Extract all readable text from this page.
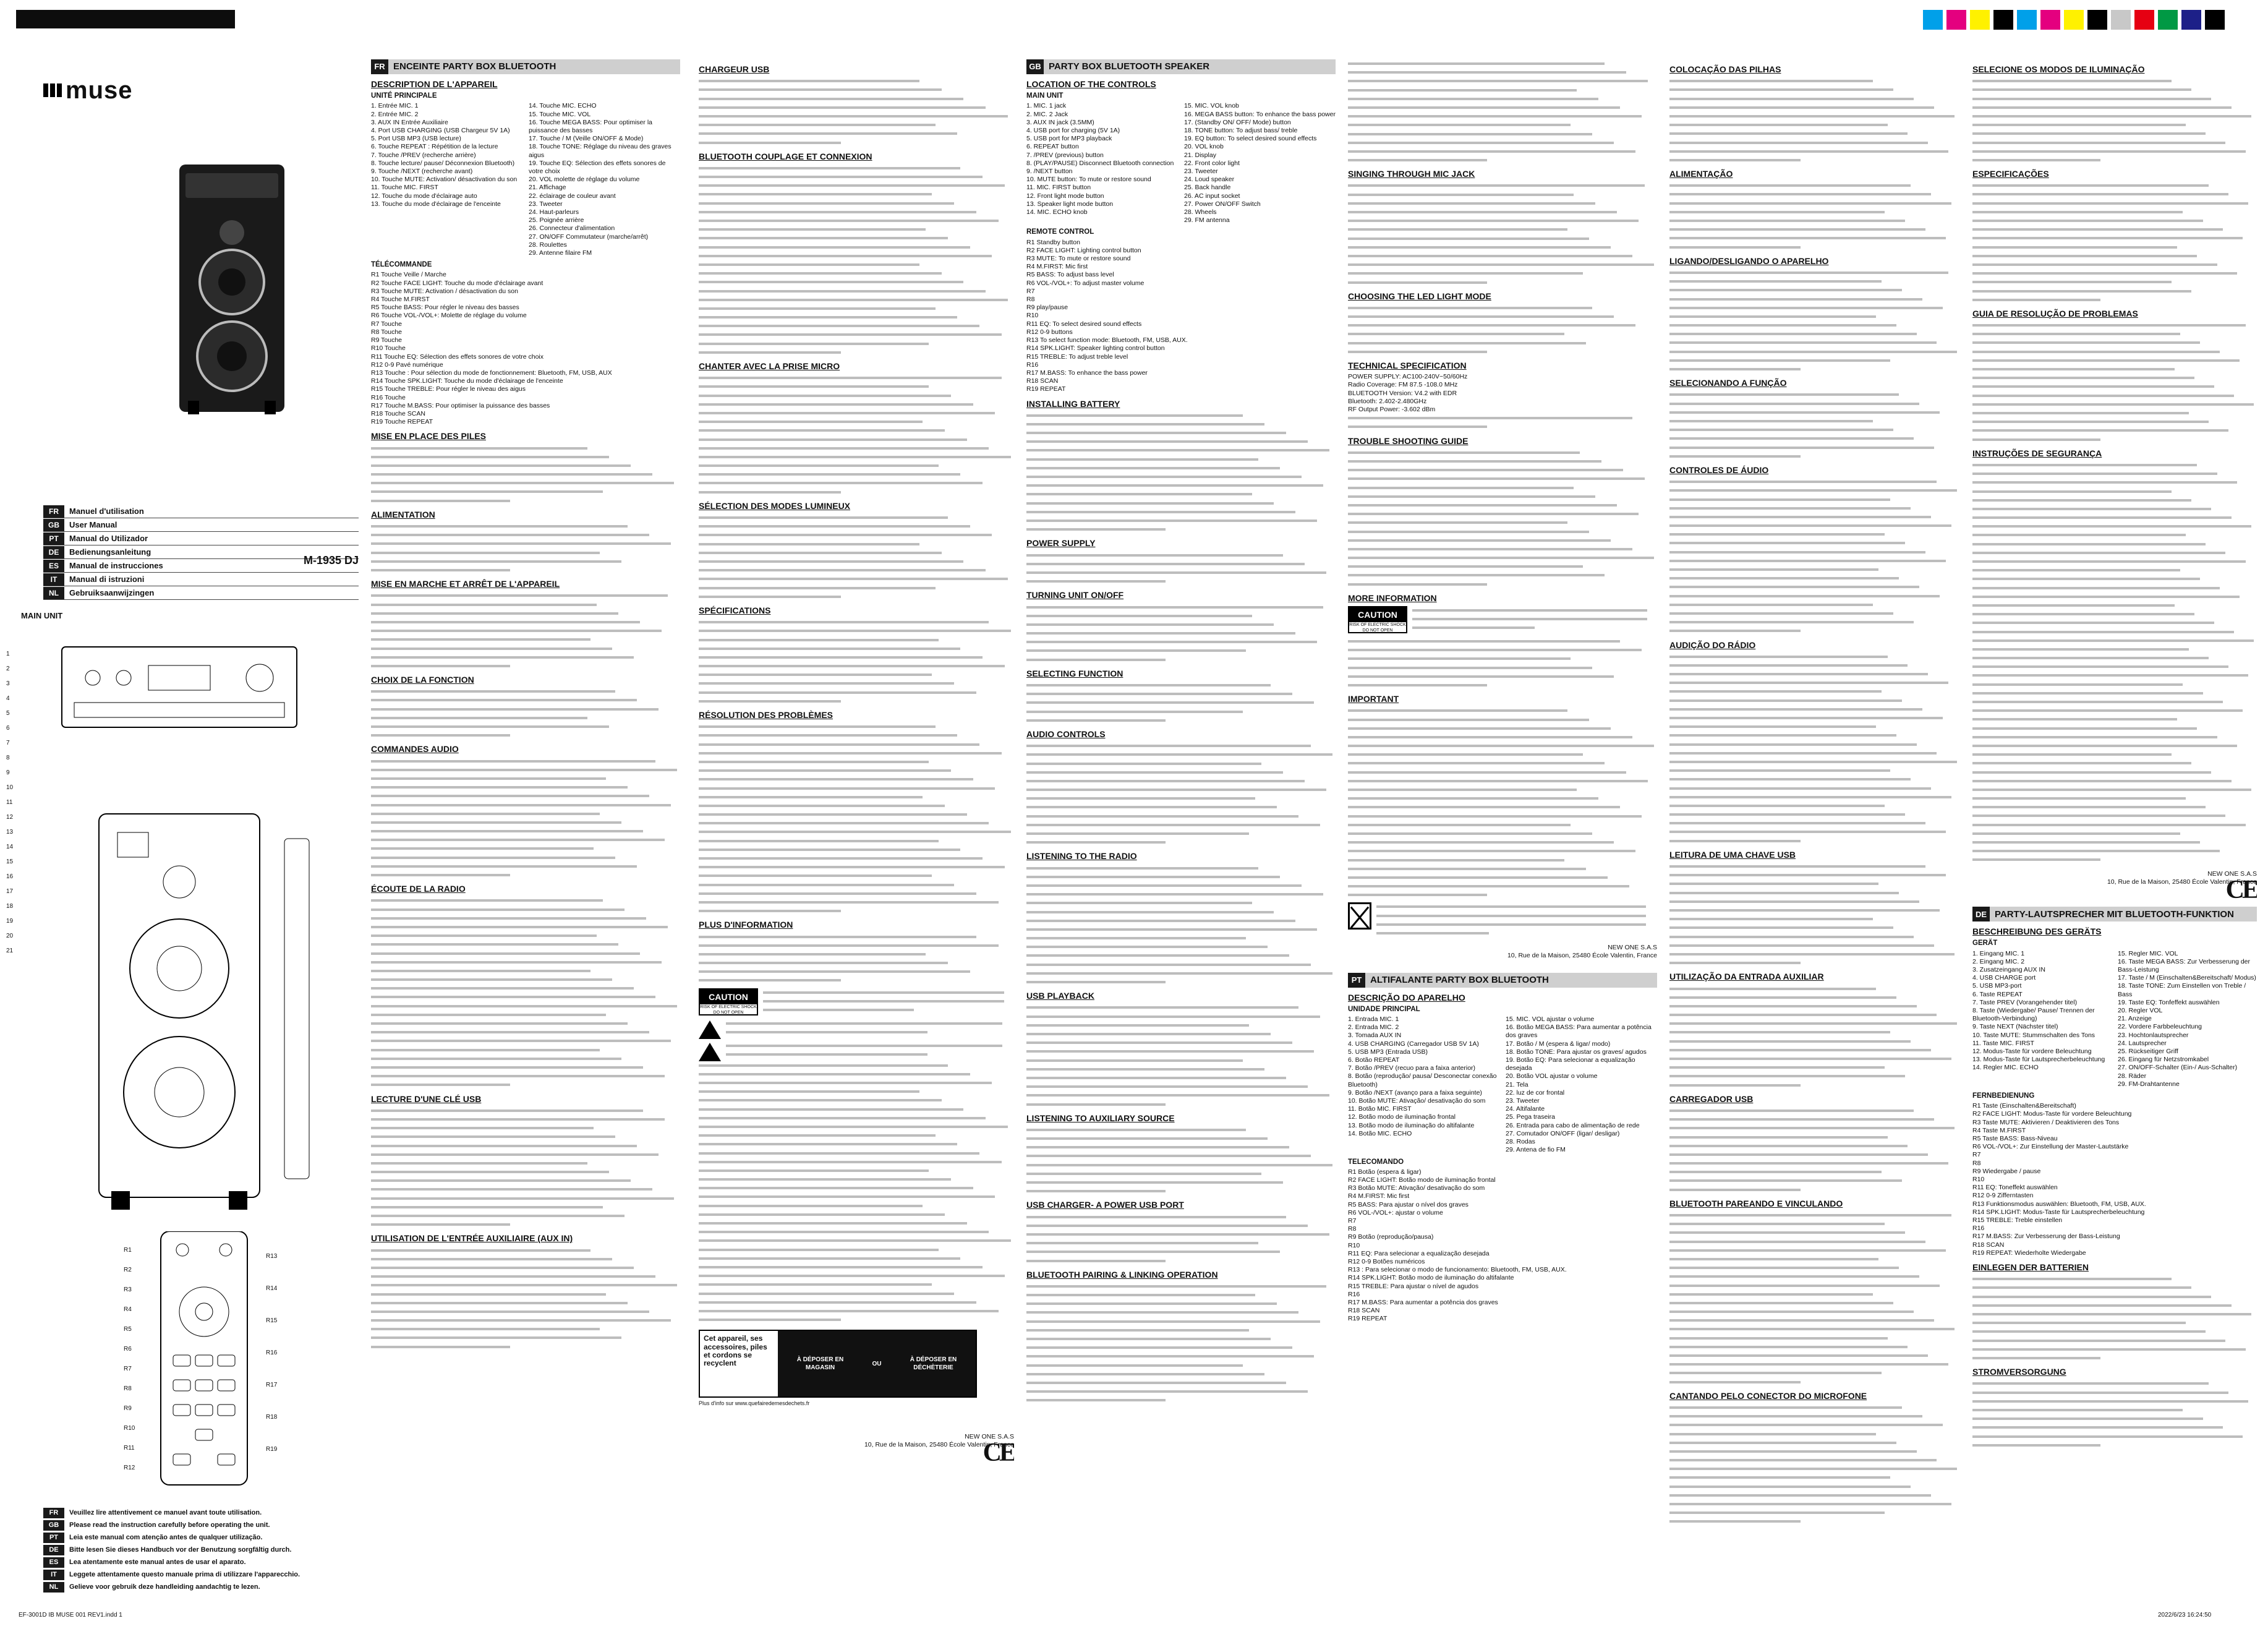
muse
FR	Manuel d'utilisation
GB	User Manual
PT	Manual do Utilizador
DE	Bedienungsanleitung
ES	Manual de instrucciones
IT	Manual di istruzioni
NL	Gebruiksaanwijzingen
M-1935 DJ
MAIN UNIT
1
2
3
4
5
6
7
8
9
10
11
12
13
14
15
16
17
18
19
20
21
R1
R2
R3
R4
R5
R6
R7
R8
R9
R10
R11
R12
R13
R14
R15
R16
R17
R18
R19
FR	Veuillez lire attentivement ce manuel avant toute utilisation.
GB	Please read the instruction carefully before operating the unit.
PT	Leia este manual com atenção antes de qualquer utilização.
DE	Bitte lesen Sie dieses Handbuch vor der Benutzung sorgfältig durch.
ES	Lea atentamente este manual antes de usar el aparato.
IT	Leggete attentamente questo manuale prima di utilizzare l'apparecchio.
NL	Gelieve voor gebruik deze handleiding aandachtig te lezen.
FR ENCEINTE PARTY BOX BLUETOOTH
DESCRIPTION DE L'APPAREIL
UNITÉ PRINCIPALE
1. Entrée MIC. 1
2. Entrée MIC. 2
3. AUX IN Entrée Auxiliaire
4. Port USB CHARGING (USB Chargeur 5V 1A)
5. Port USB MP3 (USB lecture)
6. Touche REPEAT : Répétition de la lecture
7. Touche /PREV (recherche arrière)
8. Touche lecture/ pause/ Déconnexion Bluetooth)
9. Touche /NEXT (recherche avant)
10. Touche MUTE: Activation/ désactivation du son
11. Touche MIC. FIRST
12. Touche du mode d'éclairage auto
13. Touche du mode d'éclairage de l'enceinte
14. Touche MIC. ECHO
15. Touche MIC. VOL
16. Touche MEGA BASS: Pour optimiser la puissance des basses
17. Touche / M (Veille ON/OFF & Mode)
18. Touche TONE: Réglage du niveau des graves aigus
19. Touche EQ: Sélection des effets sonores de votre choix
20. VOL molette de réglage du volume
21. Affichage
22. éclairage de couleur avant
23. Tweeter
24. Haut-parleurs
25. Poignée arrière
26. Connecteur d'alimentation
27. ON/OFF Commutateur (marche/arrêt)
28. Roulettes
29. Antenne filaire FM
TÉLÉCOMMANDE
R1 Touche Veille / Marche
R2 Touche FACE LIGHT: Touche du mode d'éclairage avant
R3 Touche MUTE: Activation / désactivation du son
R4 Touche M.FIRST
R5 Touche BASS: Pour régler le niveau des basses
R6 Touche VOL-/VOL+: Molette de réglage du volume
R7 Touche
R8 Touche
R9 Touche
R10 Touche
R11 Touche EQ: Sélection des effets sonores de votre choix
R12 0-9 Pavé numérique
R13 Touche : Pour sélection du mode de fonctionnement: Bluetooth, FM, USB, AUX
R14 Touche SPK.LIGHT: Touche du mode d'éclairage de l'enceinte
R15 Touche TREBLE: Pour régler le niveau des aigus
R16 Touche
R17 Touche M.BASS: Pour optimiser la puissance des basses
R18 Touche SCAN
R19 Touche REPEAT
MISE EN PLACE DES PILES
ALIMENTATION
MISE EN MARCHE ET ARRÊT DE L'APPAREIL
CHOIX DE LA FONCTION
COMMANDES AUDIO
ÉCOUTE DE LA RADIO
LECTURE D'UNE CLÉ USB
UTILISATION DE L'ENTRÉE AUXILIAIRE (AUX IN)
CHARGEUR USB
BLUETOOTH COUPLAGE ET CONNEXION
CHANTER AVEC LA PRISE MICRO
SÉLECTION DES MODES LUMINEUX
SPÉCIFICATIONS
RÉSOLUTION DES PROBLÈMES
PLUS D'INFORMATION
CAUTION
RISK OF ELECTRIC SHOCK DO NOT OPEN
Cet appareil, ses accessoires, piles et cordons se recyclent	À DÉPOSER EN MAGASIN
OU
À DÉPOSER EN DÉCHÈTERIE
Plus d'info sur www.quefairedemesdechets.fr
NEW ONE S.A.S
10, Rue de la Maison, 25480 École Valentin, France
CE
GB PARTY BOX BLUETOOTH SPEAKER
LOCATION OF THE CONTROLS
MAIN UNIT
1. MIC. 1 jack
2. MIC. 2 Jack
3. AUX IN jack (3.5MM)
4. USB port for charging (5V 1A)
5. USB port for MP3 playback
6. REPEAT button
7. /PREV (previous) button
8. (PLAY/PAUSE) Disconnect Bluetooth connection
9. /NEXT button
10. MUTE button: To mute or restore sound
11. MIC. FIRST button
12. Front light mode button
13. Speaker light mode button
14. MIC. ECHO knob
15. MIC. VOL knob
16. MEGA BASS button: To enhance the bass power
17. (Standby ON/ OFF/ Mode) button
18. TONE button: To adjust bass/ treble
19. EQ button: To select desired sound effects
20. VOL knob
21. Display
22. Front color light
23. Tweeter
24. Loud speaker
25. Back handle
26. AC input socket
27. Power ON/OFF Switch
28. Wheels
29. FM antenna
REMOTE CONTROL
R1 Standby button
R2 FACE LIGHT: Lighting control button
R3 MUTE: To mute or restore sound
R4 M.FIRST: Mic first
R5 BASS: To adjust bass level
R6 VOL-/VOL+: To adjust master volume
R7
R8
R9 play/pause
R10
R11 EQ: To select desired sound effects
R12 0-9 buttons
R13 To select function mode: Bluetooth, FM, USB, AUX.
R14 SPK.LIGHT: Speaker lighting control button
R15 TREBLE: To adjust treble level
R16
R17 M.BASS: To enhance the bass power
R18 SCAN
R19 REPEAT
INSTALLING BATTERY
POWER SUPPLY
TURNING UNIT ON/OFF
SELECTING FUNCTION
AUDIO CONTROLS
LISTENING TO THE RADIO
USB PLAYBACK
LISTENING TO AUXILIARY SOURCE
USB CHARGER- A POWER USB PORT
BLUETOOTH PAIRING & LINKING OPERATION
SINGING THROUGH MIC JACK
CHOOSING THE LED LIGHT MODE
TECHNICAL SPECIFICATION
POWER SUPPLY: AC100-240V~50/60Hz
Radio Coverage: FM 87.5 -108.0 MHz
BLUETOOTH Version: V4.2 with EDR
Bluetooth: 2.402-2.480GHz
RF Output Power: -3.602 dBm
TROUBLE SHOOTING GUIDE
MORE INFORMATION
CAUTION
RISK OF ELECTRIC SHOCK DO NOT OPEN
IMPORTANT
NEW ONE S.A.S
10, Rue de la Maison, 25480 École Valentin, France
PT ALTIFALANTE PARTY BOX BLUETOOTH
DESCRIÇÃO DO APARELHO
UNIDADE PRINCIPAL
1. Entrada MIC. 1
2. Entrada MIC. 2
3. Tomada AUX IN
4. USB CHARGING (Carregador USB 5V 1A)
5. USB MP3 (Entrada USB)
6. Botão REPEAT
7. Botão /PREV (recuo para a faixa anterior)
8. Botão (reprodução/ pausa/ Desconectar conexão Bluetooth)
9. Botão /NEXT (avanço para a faixa seguinte)
10. Botão MUTE: Ativação/ desativação do som
11. Botão MIC. FIRST
12. Botão modo de iluminação frontal
13. Botão modo de iluminação do altifalante
14. Botão MIC. ECHO
15. MIC. VOL ajustar o volume
16. Botão MEGA BASS: Para aumentar a potência dos graves
17. Botão / M (espera & ligar/ modo)
18. Botão TONE: Para ajustar os graves/ agudos
19. Botão EQ: Para selecionar a equalização desejada
20. Botão VOL ajustar o volume
21. Tela
22. luz de cor frontal
23. Tweeter
24. Altifalante
25. Pega traseira
26. Entrada para cabo de alimentação de rede
27. Comutador ON/OFF (ligar/ desligar)
28. Rodas
29. Antena de fio FM
TELECOMANDO
R1 Botão (espera & ligar)
R2 FACE LIGHT: Botão modo de iluminação frontal
R3 Botão MUTE: Ativação/ desativação do som
R4 M.FIRST: Mic first
R5 BASS: Para ajustar o nível dos graves
R6 VOL-/VOL+: ajustar o volume
R7
R8
R9 Botão (reprodução/pausa)
R10
R11 EQ: Para selecionar a equalização desejada
R12 0-9 Botões numéricos
R13 : Para selecionar o modo de funcionamento: Bluetooth, FM, USB, AUX.
R14 SPK.LIGHT: Botão modo de iluminação do altifalante
R15 TREBLE: Para ajustar o nível de agudos
R16
R17 M.BASS: Para aumentar a potência dos graves
R18 SCAN
R19 REPEAT
COLOCAÇÃO DAS PILHAS
ALIMENTAÇÃO
LIGANDO/DESLIGANDO O APARELHO
SELECIONANDO A FUNÇÃO
CONTROLES DE ÁUDIO
AUDIÇÃO DO RÁDIO
LEITURA DE UMA CHAVE USB
UTILIZAÇÃO DA ENTRADA AUXILIAR
CARREGADOR USB
BLUETOOTH PAREANDO E VINCULANDO
CANTANDO PELO CONECTOR DO MICROFONE
SELECIONE OS MODOS DE ILUMINAÇÃO
ESPECIFICAÇÕES
GUIA DE RESOLUÇÃO DE PROBLEMAS
INSTRUÇÕES DE SEGURANÇA
NEW ONE S.A.S
10, Rue de la Maison, 25480 École Valentin, France
CE
DE PARTY-LAUTSPRECHER MIT BLUETOOTH-FUNKTION
BESCHREIBUNG DES GERÄTS
GERÄT
1. Eingang MIC. 1
2. Eingang MIC. 2
3. Zusatzeingang AUX IN
4. USB CHARGE port
5. USB MP3-port
6. Taste REPEAT
7. Taste PREV (Vorangehender titel)
8. Taste (Wiedergabe/ Pause/ Trennen der Bluetooth-Verbindung)
9. Taste NEXT (Nächster titel)
10. Taste MUTE: Stummschalten des Tons
11. Taste MIC. FIRST
12. Modus-Taste für vordere Beleuchtung
13. Modus-Taste für Lautsprecherbeleuchtung
14. Regler MIC. ECHO
15. Regler MIC. VOL
16. Taste MEGA BASS: Zur Verbesserung der Bass-Leistung
17. Taste / M (Einschalten&Bereitschaft/ Modus)
18. Taste TONE: Zum Einstellen von Treble / Bass
19. Taste EQ: Tonfeffekt auswählen
20. Regler VOL
21. Anzeige
22. Vordere Farbbeleuchtung
23. Hochtonlautsprecher
24. Lautsprecher
25. Rückseitiger Griff
26. Eingang für Netzstromkabel
27. ON/OFF-Schalter (Ein-/ Aus-Schalter)
28. Räder
29. FM-Drahtantenne
FERNBEDIENUNG
R1 Taste (Einschalten&Bereitschaft)
R2 FACE LIGHT: Modus-Taste für vordere Beleuchtung
R3 Taste MUTE: Aktivieren / Deaktivieren des Tons
R4 Taste M.FIRST
R5 Taste BASS: Bass-Niveau
R6 VOL-/VOL+: Zur Einstellung der Master-Lautstärke
R7
R8
R9 Wiedergabe / pause
R10
R11 EQ: Toneffekt auswählen
R12 0-9 Zifferntasten
R13 Funktionsmodus auswählen: Bluetooth, FM, USB, AUX.
R14 SPK.LIGHT: Modus-Taste für Lautsprecherbeleuchtung
R15 TREBLE: Treble einstellen
R16
R17 M.BASS: Zur Verbesserung der Bass-Leistung
R18 SCAN
R19 REPEAT: Wiederholte Wiedergabe
EINLEGEN DER BATTERIEN
STROMVERSORGUNG
EF-3001D IB MUSE 001 REV1.indd 1	2022/6/23 16:24:50
